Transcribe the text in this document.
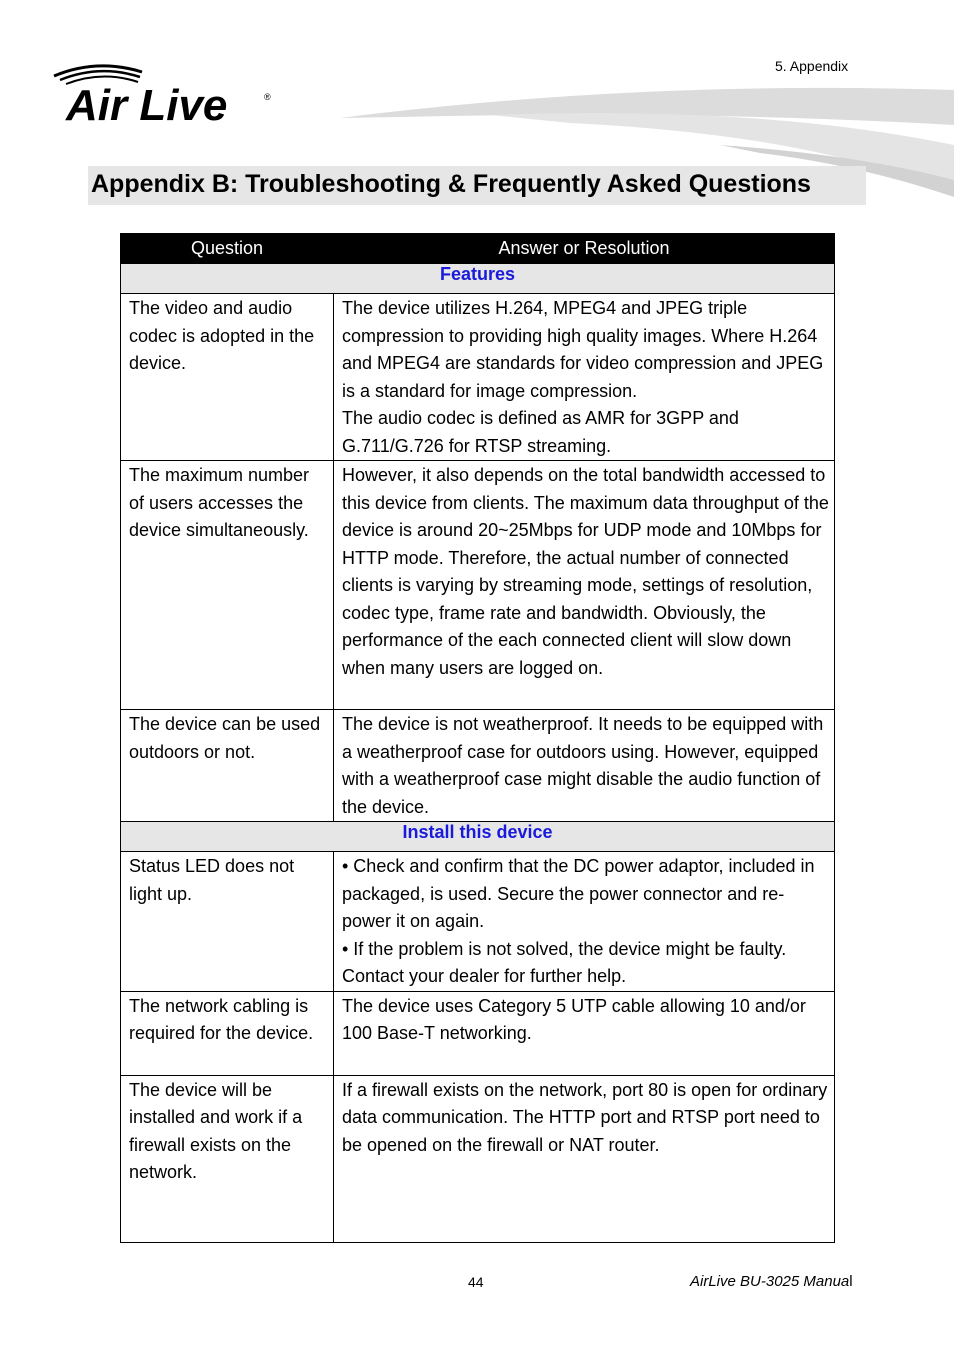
5. Appendix
Air Live	®
Appendix B: Troubleshooting & Frequently Asked Questions
Question	Answer or Resolution
Features	
The video and audio codec is adopted in the device.	The device utilizes H.264, MPEG4 and JPEG triple compression to providing high quality images. Where H.264 and MPEG4 are standards for video compression and JPEG is a standard for image compression.

The audio codec is defined as AMR for 3GPP and G.711/G.726 for RTSP streaming.

The maximum number of users accesses the device simultaneously.	However, it also depends on the total bandwidth accessed to this device from clients. The maximum data throughput of the device is around 20~25Mbps for UDP mode and 10Mbps for HTTP mode. Therefore, the actual number of connected clients is varying by streaming mode, settings of resolution, codec type, frame rate and bandwidth. Obviously, the performance of the each connected client will slow down when many users are logged on.

The device can be used outdoors or not.	The device is not weatherproof. It needs to be equipped with a weatherproof case for outdoors using. However, equipped with a weatherproof case might disable the audio function of the device.

Install this device	
Status LED does not light up.	• Check and confirm that the DC power adaptor, included in packaged, is used. Secure the power connector and re-power it on again.

• If the problem is not solved, the device might be faulty. Contact your dealer for further help.

The network cabling is required for the device.	The device uses Category 5 UTP cable allowing 10 and/or 100 Base-T networking.

The device will be installed and work if a firewall exists on the network.	If a firewall exists on the network, port 80 is open for ordinary data communication. The HTTP port and RTSP port need to be opened on the firewall or NAT router.

44	AirLive BU-3025 Manual
